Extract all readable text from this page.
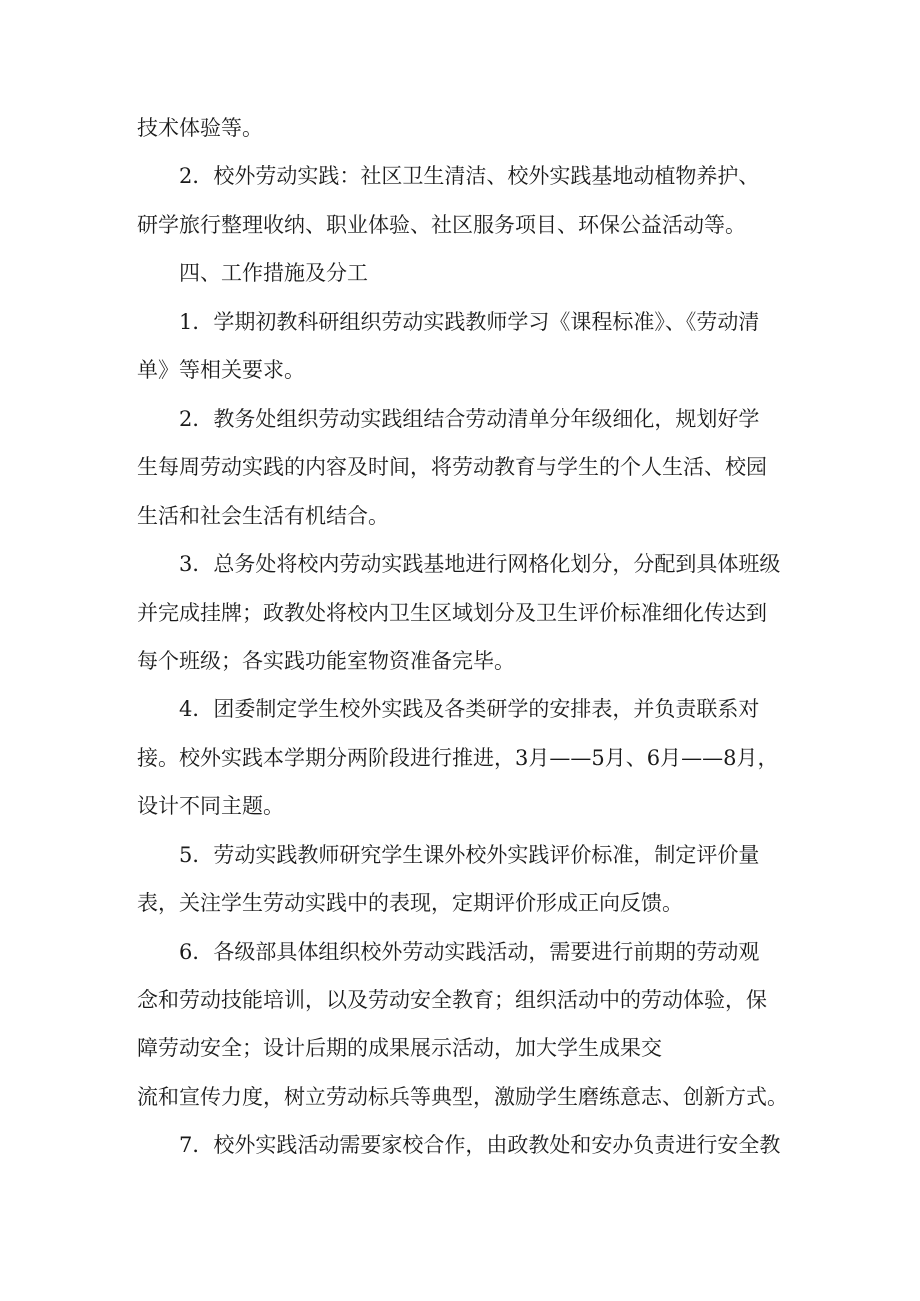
技术体验等。
　　2．校外劳动实践：社区卫生清洁、校外实践基地动植物养护、
研学旅行整理收纳、职业体验、社区服务项目、环保公益活动等。
　　四、工作措施及分工
　　1．学期初教科研组织劳动实践教师学习《课程标准》、《劳动清
单》等相关要求。
　　2．教务处组织劳动实践组结合劳动清单分年级细化，规划好学
生每周劳动实践的内容及时间，将劳动教育与学生的个人生活、校园
生活和社会生活有机结合。
　　3．总务处将校内劳动实践基地进行网格化划分，分配到具体班级
并完成挂牌；政教处将校内卫生区域划分及卫生评价标准细化传达到
每个班级；各实践功能室物资准备完毕。
　　4．团委制定学生校外实践及各类研学的安排表，并负责联系对
接。校外实践本学期分两阶段进行推进，3月——5月、6月——8月，
设计不同主题。
　　5．劳动实践教师研究学生课外校外实践评价标准，制定评价量
表，关注学生劳动实践中的表现，定期评价形成正向反馈。
　　6．各级部具体组织校外劳动实践活动，需要进行前期的劳动观
念和劳动技能培训，以及劳动安全教育；组织活动中的劳动体验，保
障劳动安全；设计后期的成果展示活动，加大学生成果交
流和宣传力度，树立劳动标兵等典型，激励学生磨练意志、创新方式。
　　7．校外实践活动需要家校合作，由政教处和安办负责进行安全教
